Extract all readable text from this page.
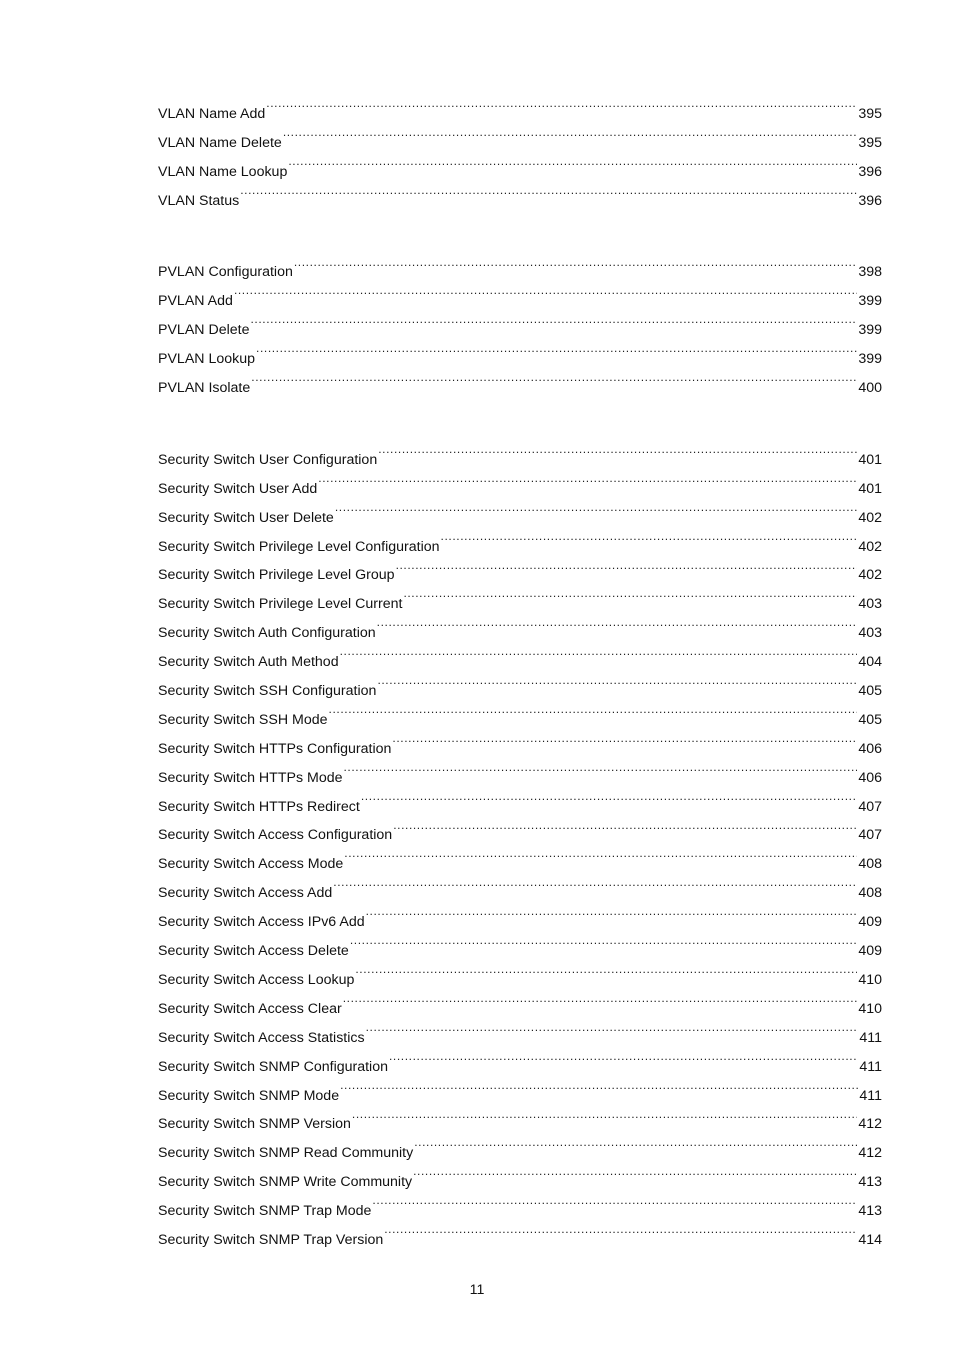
VLAN Name Add .....	395
VLAN Name Delete .....	395
VLAN Name Lookup .....	396
VLAN Status .....	396
PVLAN Configuration .....	398
PVLAN Add .....	399
PVLAN Delete .....	399
PVLAN Lookup .....	399
PVLAN Isolate .....	400
Security Switch User Configuration .....	401
Security Switch User Add .....	401
Security Switch User Delete .....	402
Security Switch Privilege Level Configuration .....	402
Security Switch Privilege Level Group .....	402
Security Switch Privilege Level Current .....	403
Security Switch Auth Configuration .....	403
Security Switch Auth Method .....	404
Security Switch SSH Configuration .....	405
Security Switch SSH Mode .....	405
Security Switch HTTPs Configuration .....	406
Security Switch HTTPs Mode .....	406
Security Switch HTTPs Redirect .....	407
Security Switch Access Configuration .....	407
Security Switch Access Mode .....	408
Security Switch Access Add .....	408
Security Switch Access IPv6 Add .....	409
Security Switch Access Delete .....	409
Security Switch Access Lookup .....	410
Security Switch Access Clear .....	410
Security Switch Access Statistics .....	411
Security Switch SNMP Configuration .....	411
Security Switch SNMP Mode .....	411
Security Switch SNMP Version .....	412
Security Switch SNMP Read Community .....	412
Security Switch SNMP Write Community .....	413
Security Switch SNMP Trap Mode .....	413
Security Switch SNMP Trap Version .....	414
11
